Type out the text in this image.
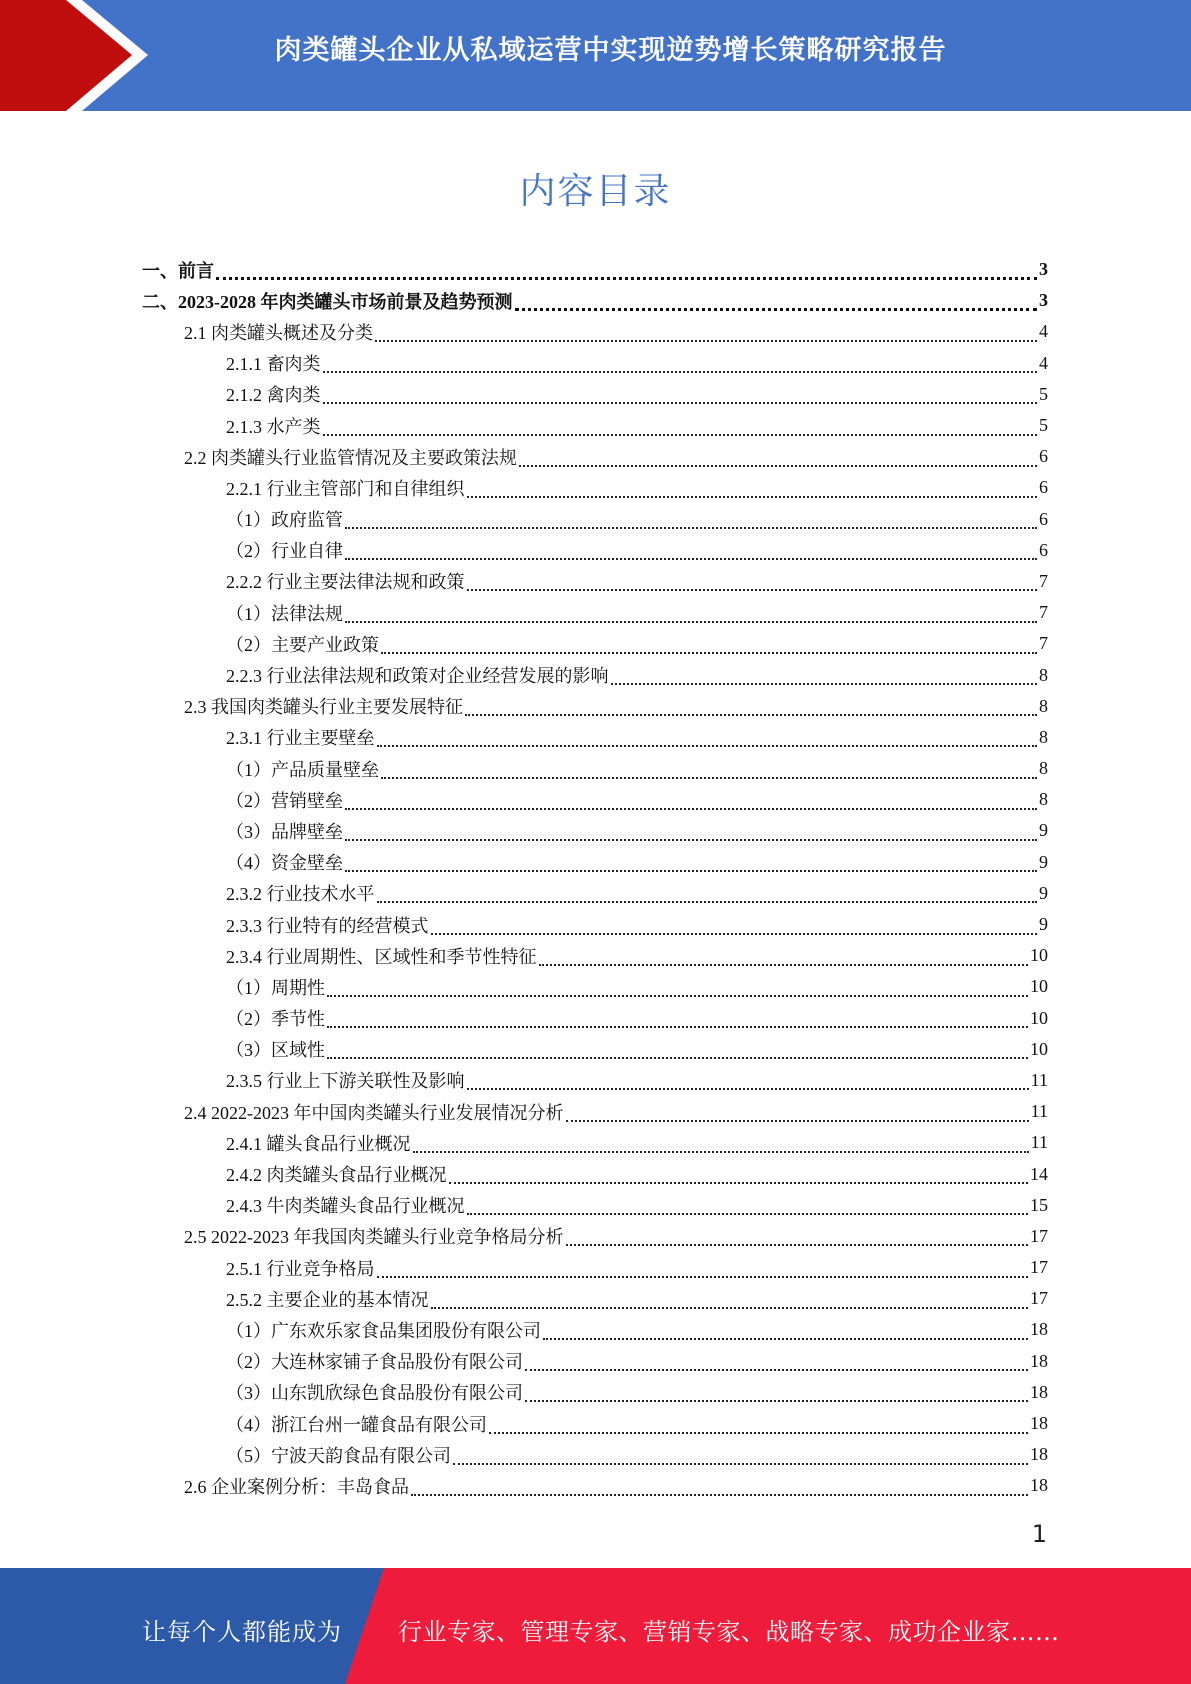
肉类罐头企业从私域运营中实现逆势增长策略研究报告
内容目录
一、前言	3
二、2023-2028 年肉类罐头市场前景及趋势预测	3
2.1 肉类罐头概述及分类	4
2.1.1 畜肉类	4
2.1.2 禽肉类	5
2.1.3 水产类	5
2.2 肉类罐头行业监管情况及主要政策法规	6
2.2.1 行业主管部门和自律组织	6
（1）政府监管	6
（2）行业自律	6
2.2.2 行业主要法律法规和政策	7
（1）法律法规	7
（2）主要产业政策	7
2.2.3 行业法律法规和政策对企业经营发展的影响	8
2.3 我国肉类罐头行业主要发展特征	8
2.3.1 行业主要壁垒	8
（1）产品质量壁垒	8
（2）营销壁垒	8
（3）品牌壁垒	9
（4）资金壁垒	9
2.3.2 行业技术水平	9
2.3.3 行业特有的经营模式	9
2.3.4 行业周期性、区域性和季节性特征	10
（1）周期性	10
（2）季节性	10
（3）区域性	10
2.3.5 行业上下游关联性及影响	11
2.4 2022-2023 年中国肉类罐头行业发展情况分析	11
2.4.1 罐头食品行业概况	11
2.4.2 肉类罐头食品行业概况	14
2.4.3 牛肉类罐头食品行业概况	15
2.5 2022-2023 年我国肉类罐头行业竞争格局分析	17
2.5.1 行业竞争格局	17
2.5.2 主要企业的基本情况	17
（1）广东欢乐家食品集团股份有限公司	18
（2）大连林家铺子食品股份有限公司	18
（3）山东凯欣绿色食品股份有限公司	18
（4）浙江台州一罐食品有限公司	18
（5）宁波天韵食品有限公司	18
2.6 企业案例分析：丰岛食品	18
1
让每个人都能成为 行业专家、管理专家、营销专家、战略专家、成功企业家……
